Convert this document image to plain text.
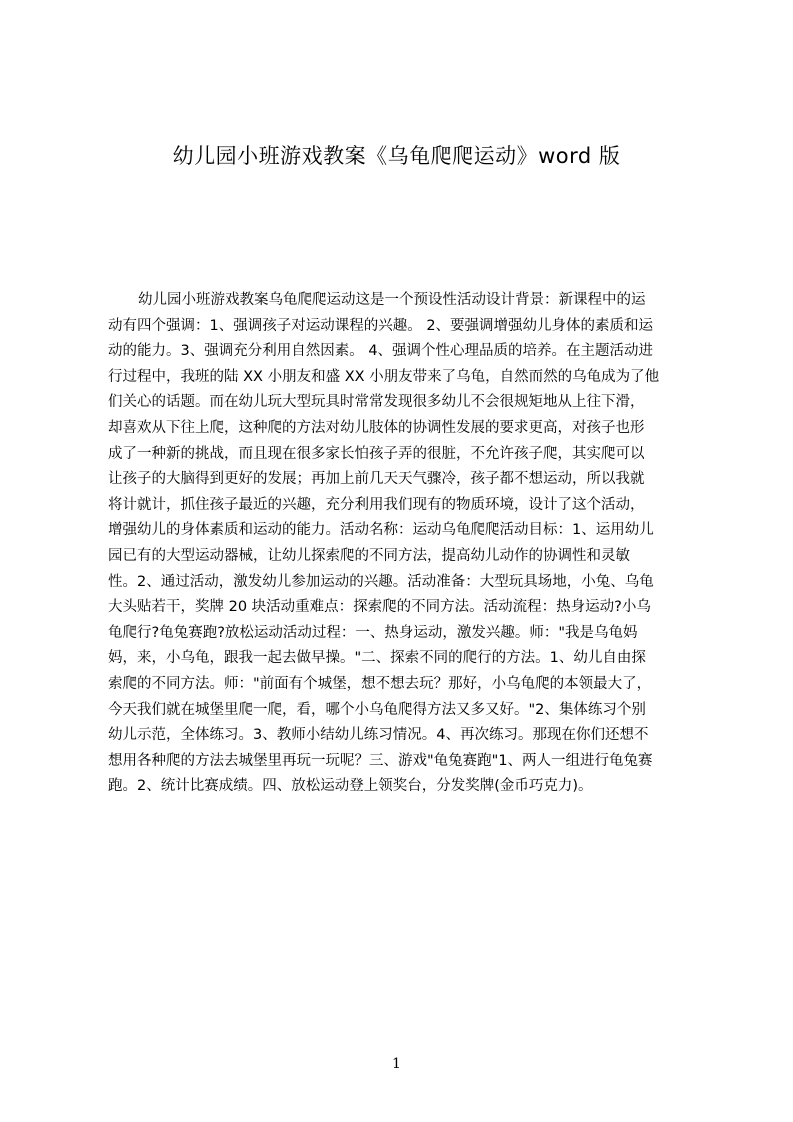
幼儿园小班游戏教案《乌龟爬爬运动》word 版
幼儿园小班游戏教案乌龟爬爬运动这是一个预设性活动设计背景：新课程中的运
动有四个强调：1、强调孩子对运动课程的兴趣。 2、要强调增强幼儿身体的素质和运
动的能力。3、强调充分利用自然因素。 4、强调个性心理品质的培养。在主题活动进
行过程中，我班的陆 XX 小朋友和盛 XX 小朋友带来了乌龟，自然而然的乌龟成为了他
们关心的话题。而在幼儿玩大型玩具时常常发现很多幼儿不会很规矩地从上往下滑，
却喜欢从下往上爬，这种爬的方法对幼儿肢体的协调性发展的要求更高，对孩子也形
成了一种新的挑战，而且现在很多家长怕孩子弄的很脏，不允许孩子爬，其实爬可以
让孩子的大脑得到更好的发展；再加上前几天天气骤冷，孩子都不想运动，所以我就
将计就计，抓住孩子最近的兴趣，充分利用我们现有的物质环境，设计了这个活动，
增强幼儿的身体素质和运动的能力。活动名称：运动乌龟爬爬活动目标：1、运用幼儿
园已有的大型运动器械，让幼儿探索爬的不同方法，提高幼儿动作的协调性和灵敏
性。2、通过活动，激发幼儿参加运动的兴趣。活动准备：大型玩具场地，小兔、乌龟
大头贴若干，奖牌 20 块活动重难点：探索爬的不同方法。活动流程：热身运动?小乌
龟爬行?龟兔赛跑?放松运动活动过程：一、热身运动，激发兴趣。师："我是乌龟妈
妈，来，小乌龟，跟我一起去做早操。"二、探索不同的爬行的方法。1、幼儿自由探
索爬的不同方法。师："前面有个城堡，想不想去玩？那好，小乌龟爬的本领最大了，
今天我们就在城堡里爬一爬，看，哪个小乌龟爬得方法又多又好。"2、集体练习个别
幼儿示范，全体练习。3、教师小结幼儿练习情况。4、再次练习。那现在你们还想不
想用各种爬的方法去城堡里再玩一玩呢？三、游戏"龟兔赛跑"1、两人一组进行龟兔赛
跑。2、统计比赛成绩。四、放松运动登上领奖台，分发奖牌(金币巧克力)。
1
